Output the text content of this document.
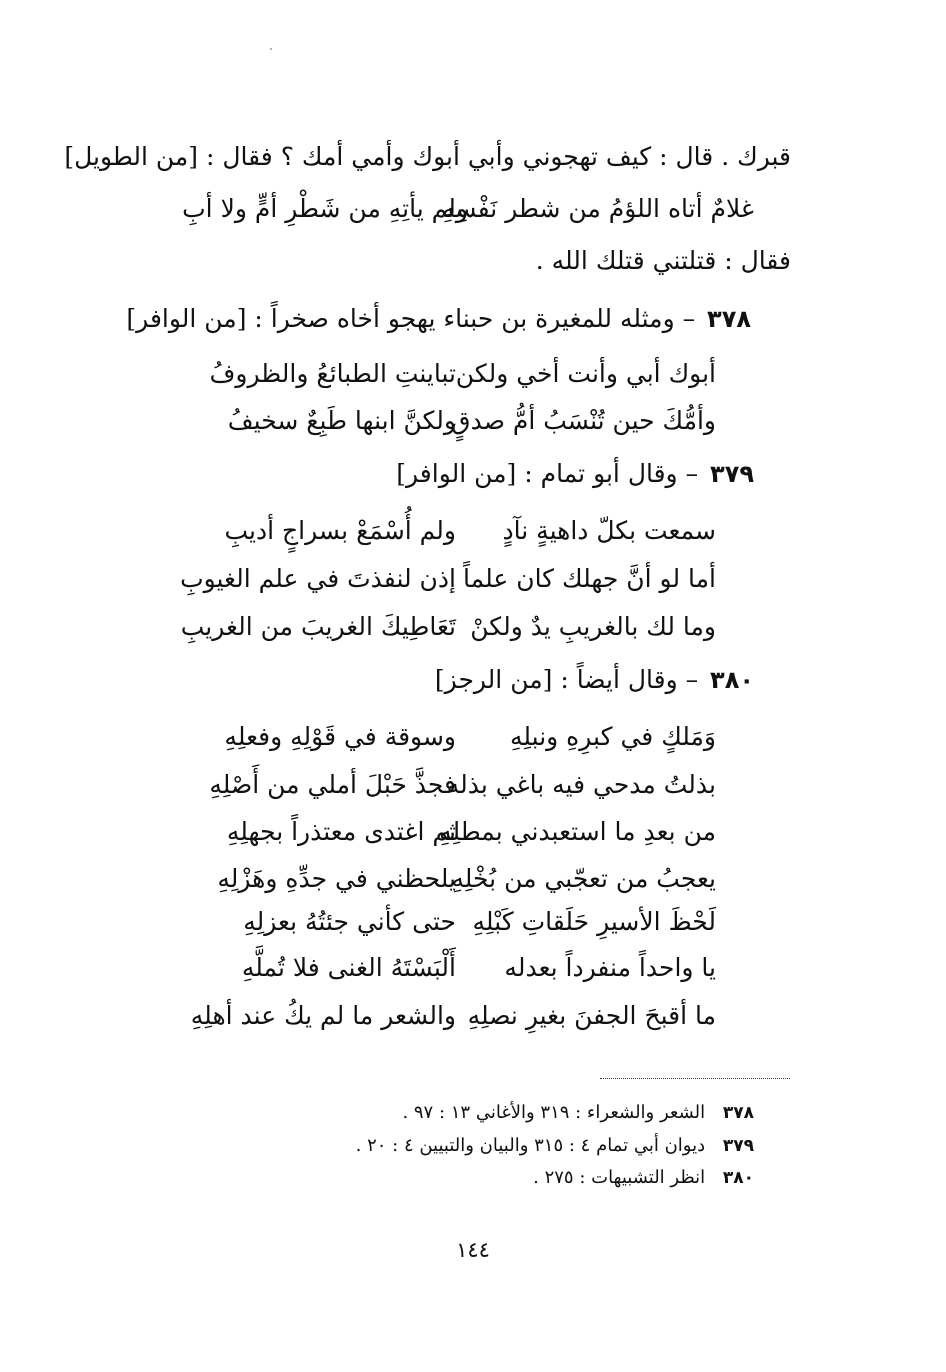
قبرك . قال : كيف تهجوني وأبي أبوك وأمي أمك ؟ فقال : [من الطويل]
غلامٌ أتاه اللؤمُ من شطر نَفْسِهِ
ولم يأتِهِ من شَطْرِ أمٍّ ولا أبِ
فقال : قتلتني قتلك الله .
٣٧٨ – ومثله للمغيرة بن حبناء يهجو أخاه صخراً : [من الوافر]
أبوك أبي وأنت أخي ولكن
تباينتِ الطبائعُ والظروفُ
وأمُّكَ حين تُنْسَبُ أمُّ صدقٍ
ولكنَّ ابنها طَبِعٌ سخيفُ
٣٧٩ – وقال أبو تمام : [من الوافر]
سمعت بكلّ داهيةٍ نآدٍ
ولم أُسْمَعْ بسراجٍ أديبِ
أما لو أنَّ جهلك كان علماً
إذن لنفذتَ في علم الغيوبِ
وما لك بالغريبِ يدٌ ولكنْ
تَعَاطِيكَ الغريبَ من الغريبِ
٣٨٠ – وقال أيضاً : [من الرجز]
وَمَلكٍ في كبرِهِ ونبلِهِ
وسوقة في قَوْلِهِ وفعلِهِ
بذلتُ مدحي فيه باغي بذله
فجذَّ حَبْلَ أملي من أَصْلِهِ
من بعدِ ما استعبدني بمطلِهِ
ثم اغتدى معتذراً بجهلِهِ
يعجبُ من تعجّبي من بُخْلِهِ
يلحظني في جدِّهِ وهَزْلِهِ
لَحْظَ الأسيرِ حَلَقاتِ كَبْلِهِ
حتى كأني جئتُهُ بعزلِهِ
يا واحداً منفرداً بعدله
أَلْبَسْتَهُ الغنى فلا تُملَّهِ
ما أقبحَ الجفنَ بغيرِ نصلِهِ
والشعر ما لم يكُ عند أهلِهِ
٣٧٨ الشعر والشعراء : ٣١٩ والأغاني ١٣ : ٩٧ .
٣٧٩ ديوان أبي تمام ٤ : ٣١٥ والبيان والتبيين ٤ : ٢٠ .
٣٨٠ انظر التشبيهات : ٢٧٥ .
١٤٤
